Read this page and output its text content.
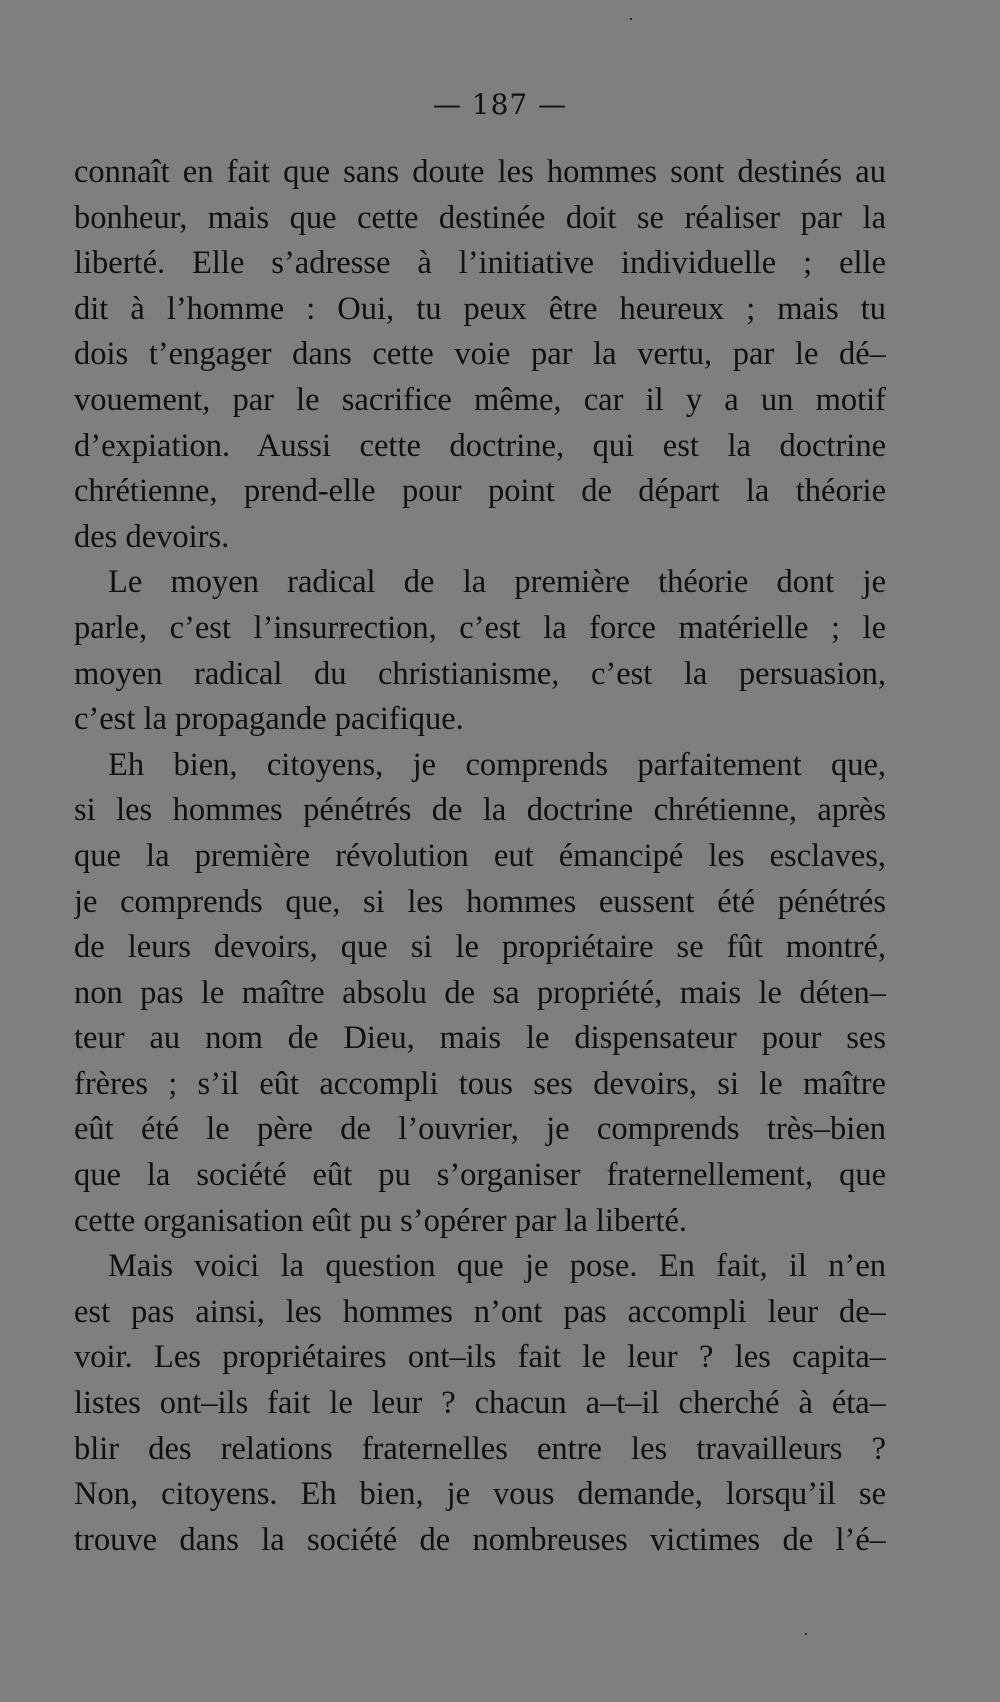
— 187 —
connaît en fait que sans doute les hommes sont destinés au
bonheur, mais que cette destinée doit se réaliser par la
liberté. Elle s’adresse à l’initiative individuelle ; elle
dit à l’homme : Oui, tu peux être heureux ; mais tu
dois t’engager dans cette voie par la vertu, par le dé–
vouement, par le sacrifice même, car il y a un motif
d’expiation. Aussi cette doctrine, qui est la doctrine
chrétienne, prend-elle pour point de départ la théorie
des devoirs.
Le moyen radical de la première théorie dont je
parle, c’est l’insurrection, c’est la force matérielle ; le
moyen radical du christianisme, c’est la persuasion,
c’est la propagande pacifique.
Eh bien, citoyens, je comprends parfaitement que,
si les hommes pénétrés de la doctrine chrétienne, après
que la première révolution eut émancipé les esclaves,
je comprends que, si les hommes eussent été pénétrés
de leurs devoirs, que si le propriétaire se fût montré,
non pas le maître absolu de sa propriété, mais le déten–
teur au nom de Dieu, mais le dispensateur pour ses
frères ; s’il eût accompli tous ses devoirs, si le maître
eût été le père de l’ouvrier, je comprends très–bien
que la société eût pu s’organiser fraternellement, que
cette organisation eût pu s’opérer par la liberté.
Mais voici la question que je pose. En fait, il n’en
est pas ainsi, les hommes n’ont pas accompli leur de–
voir. Les propriétaires ont–ils fait le leur ? les capita–
listes ont–ils fait le leur ? chacun a–t–il cherché à éta–
blir des relations fraternelles entre les travailleurs ?
Non, citoyens. Eh bien, je vous demande, lorsqu’il se
trouve dans la société de nombreuses victimes de l’é–
